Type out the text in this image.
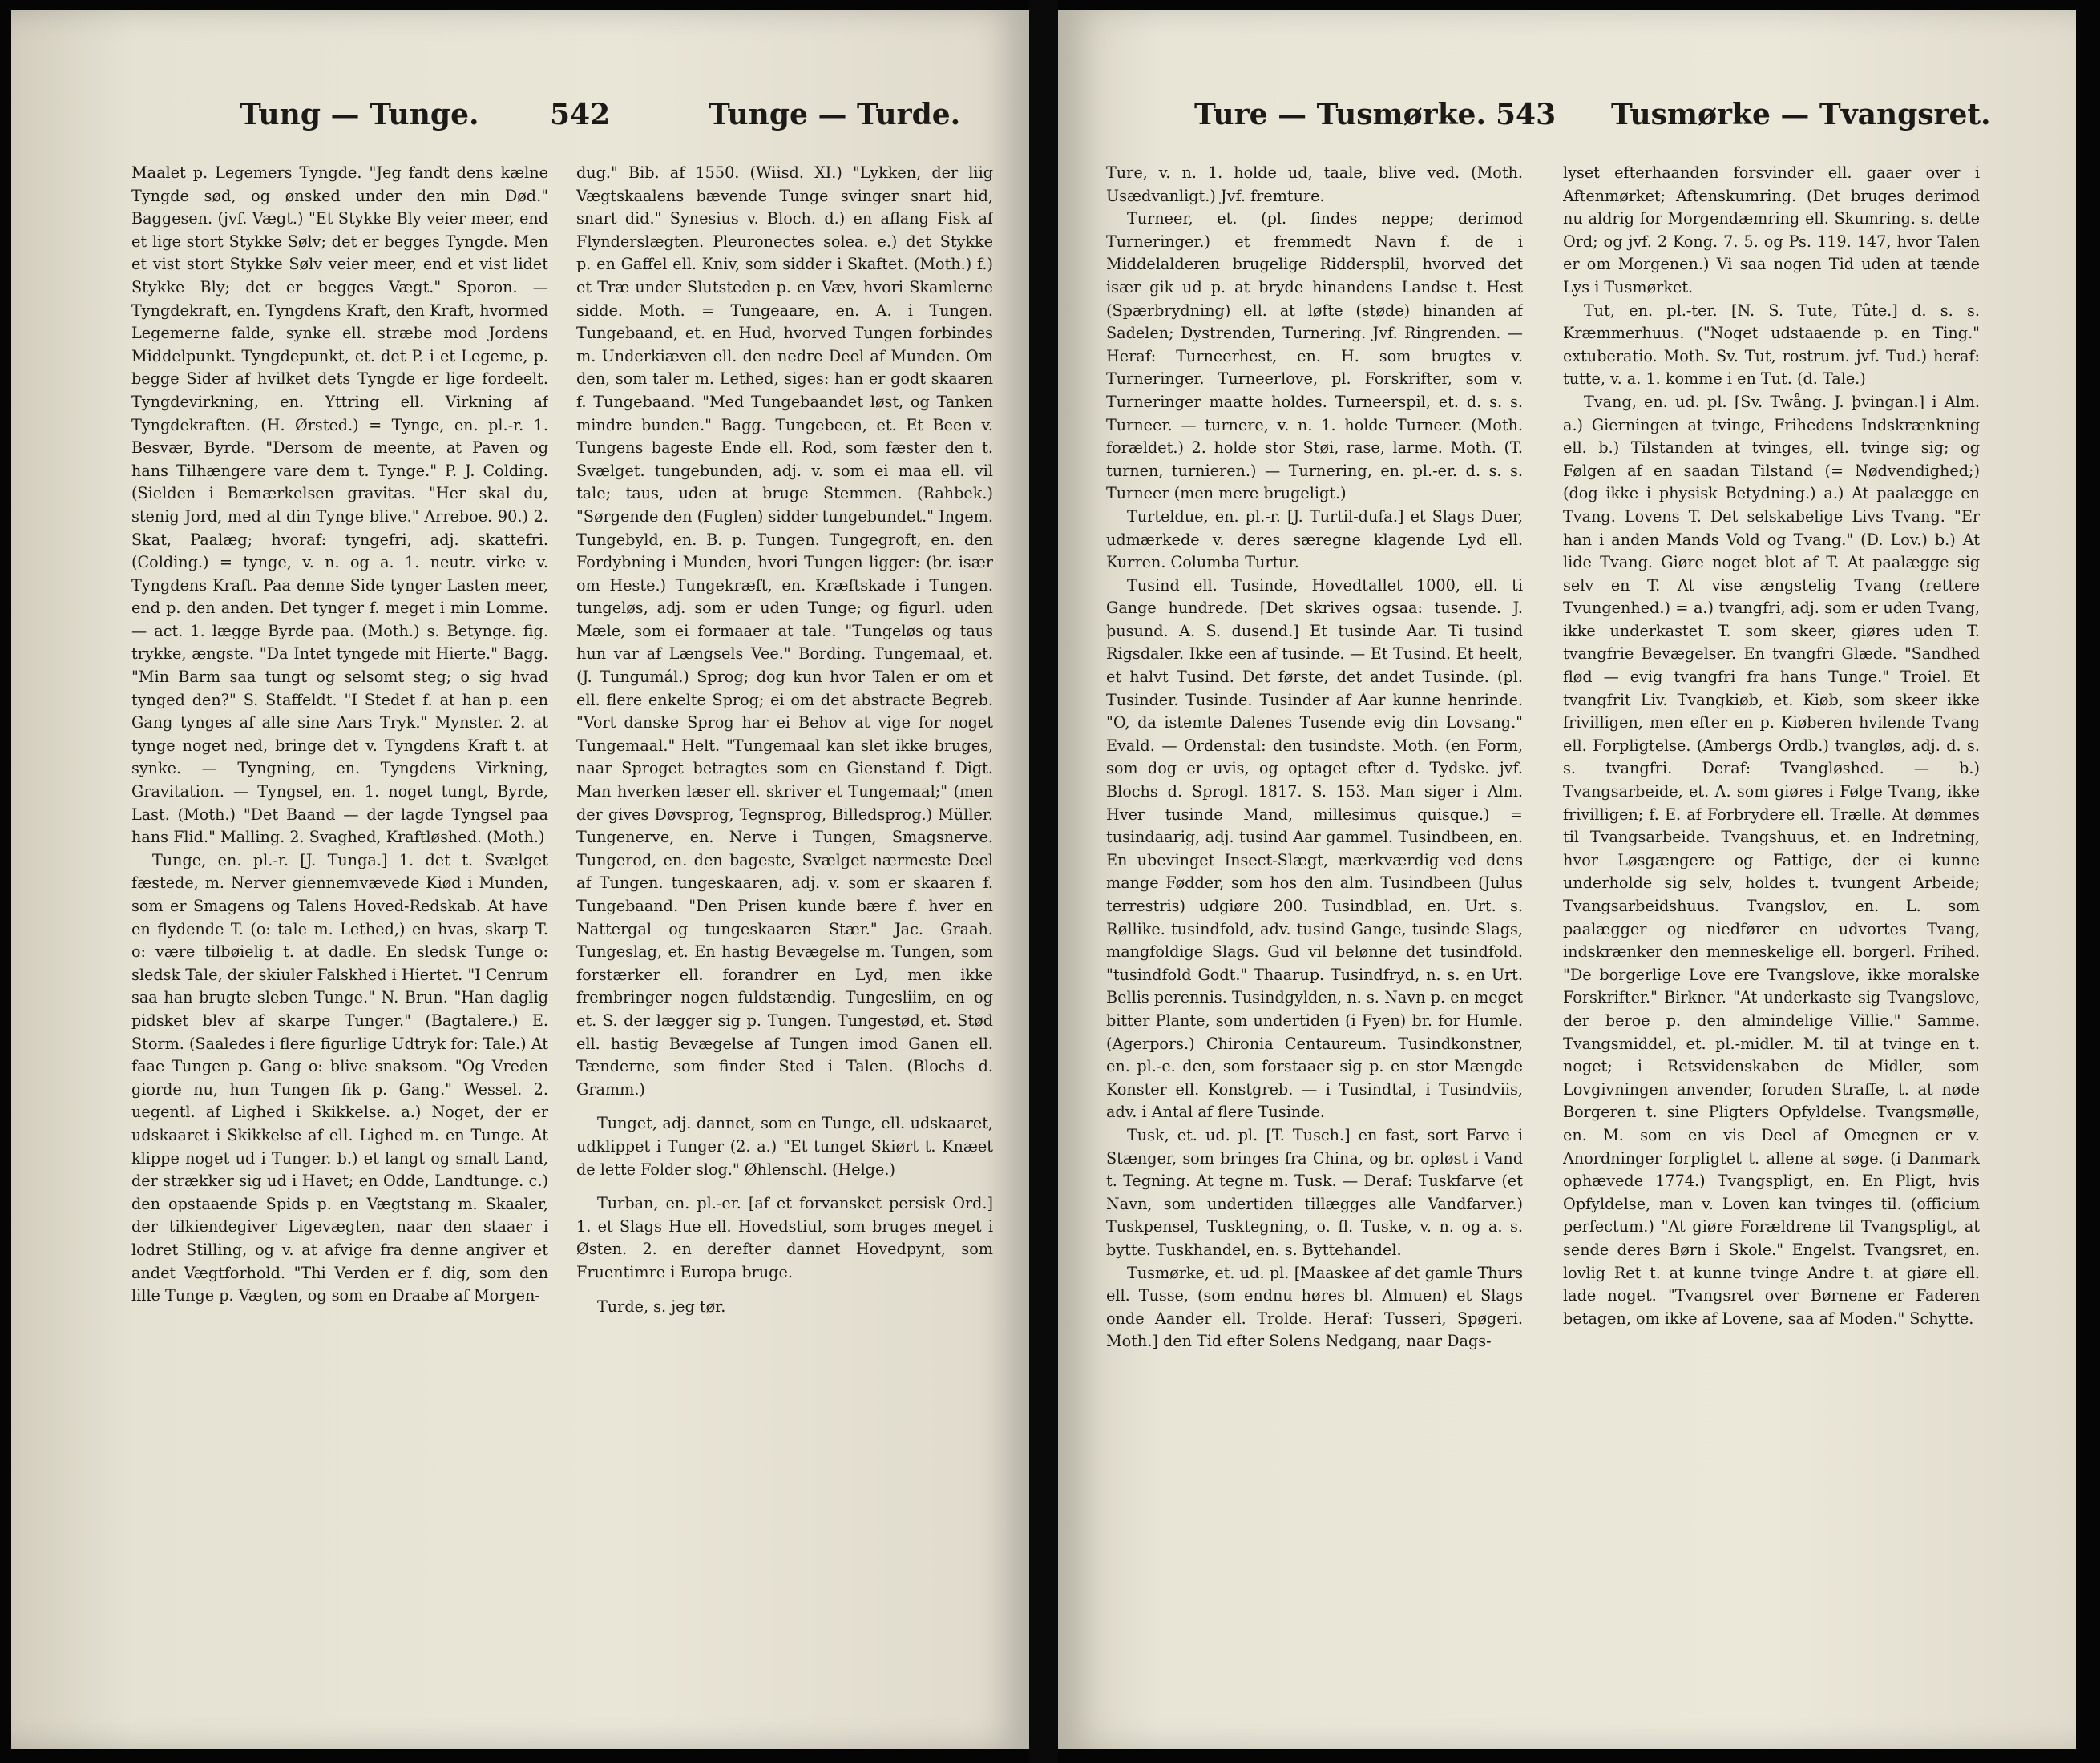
Tung — Tunge. 542	Tunge — Turde.

Maalet p. Legemers Tyngde. "Jeg fandt dens kælne Tyngde sød, og ønsked under den min Død." Baggesen. (jvf. Vægt.) "Et Stykke Bly veier meer, end et lige stort Stykke Sølv; det er begges Tyngde. Men et vist stort Stykke Sølv veier meer, end et vist lidet Stykke Bly; det er begges Vægt." Sporon. — Tyngdekraft, en. Tyngdens Kraft, den Kraft, hvormed Legemerne falde, synke ell. stræbe mod Jordens Middelpunkt. Tyngdepunkt, et. det P. i et Legeme, p. begge Sider af hvilket dets Tyngde er lige fordeelt. Tyngdevirkning, en. Yttring ell. Virkning af Tyngdekraften. (H. Ørsted.) = Tynge, en. pl.-r. 1. Besvær, Byrde. "Dersom de meente, at Paven og hans Tilhængere vare dem t. Tynge." P. J. Colding. (Sielden i Bemærkelsen gravitas. "Her skal du, stenig Jord, med al din Tynge blive." Arreboe. 90.) 2. Skat, Paalæg; hvoraf: tyngefri, adj. skattefri. (Colding.) = tynge, v. n. og a. 1. neutr. virke v. Tyngdens Kraft. Paa denne Side tynger Lasten meer, end p. den anden. Det tynger f. meget i min Lomme. — act. 1. lægge Byrde paa. (Moth.) s. Betynge. fig. trykke, ængste. "Da Intet tyngede mit Hierte." Bagg. "Min Barm saa tungt og selsomt steg; o sig hvad tynged den?" S. Staffeldt. "I Stedet f. at han p. een Gang tynges af alle sine Aars Tryk." Mynster. 2. at tynge noget ned, bringe det v. Tyngdens Kraft t. at synke. — Tyngning, en. Tyngdens Virkning, Gravitation. — Tyngsel, en. 1. noget tungt, Byrde, Last. (Moth.) "Det Baand — der lagde Tyngsel paa hans Flid." Malling. 2. Svaghed, Kraftløshed. (Moth.)

Tunge, en. pl.-r. [J. Tunga.] 1. det t. Svælget fæstede, m. Nerver giennemvævede Kiød i Munden, som er Smagens og Talens Hoved-Redskab. At have en flydende T. (o: tale m. Lethed,) en hvas, skarp T. o: være tilbøielig t. at dadle. En sledsk Tunge o: sledsk Tale, der skiuler Falskhed i Hiertet. "I Cenrum saa han brugte sleben Tunge." N. Brun. "Han daglig pidsket blev af skarpe Tunger." (Bagtalere.) E. Storm. (Saaledes i flere figurlige Udtryk for: Tale.) At faae Tungen p. Gang o: blive snaksom. "Og Vreden giorde nu, hun Tungen fik p. Gang." Wessel. 2. uegentl. af Lighed i Skikkelse. a.) Noget, der er udskaaret i Skikkelse af ell. Lighed m. en Tunge. At klippe noget ud i Tunger. b.) et langt og smalt Land, der strækker sig ud i Havet; en Odde, Landtunge. c.) den opstaaende Spids p. en Vægtstang m. Skaaler, der tilkiendegiver Ligevægten, naar den staaer i lodret Stilling, og v. at afvige fra denne angiver et andet Vægtforhold. "Thi Verden er f. dig, som den lille Tunge p. Vægten, og som en Draabe af Morgen-

dug." Bib. af 1550. (Wiisd. XI.) "Lykken, der liig Vægtskaalens bævende Tunge svinger snart hid, snart did." Synesius v. Bloch. d.) en aflang Fisk af Flynderslægten. Pleuronectes solea. e.) det Stykke p. en Gaffel ell. Kniv, som sidder i Skaftet. (Moth.) f.) et Træ under Slutsteden p. en Væv, hvori Skamlerne sidde. Moth. = Tungeaare, en. A. i Tungen. Tungebaand, et. en Hud, hvorved Tungen forbindes m. Underkiæven ell. den nedre Deel af Munden. Om den, som taler m. Lethed, siges: han er godt skaaren f. Tungebaand. "Med Tungebaandet løst, og Tanken mindre bunden." Bagg. Tungebeen, et. Et Been v. Tungens bageste Ende ell. Rod, som fæster den t. Svælget. tungebunden, adj. v. som ei maa ell. vil tale; taus, uden at bruge Stemmen. (Rahbek.) "Sørgende den (Fuglen) sidder tungebundet." Ingem. Tungebyld, en. B. p. Tungen. Tungegroft, en. den Fordybning i Munden, hvori Tungen ligger: (br. især om Heste.) Tungekræft, en. Kræftskade i Tungen. tungeløs, adj. som er uden Tunge; og figurl. uden Mæle, som ei formaaer at tale. "Tungeløs og taus hun var af Længsels Vee." Bording. Tungemaal, et. (J. Tungumál.) Sprog; dog kun hvor Talen er om et ell. flere enkelte Sprog; ei om det abstracte Begreb. "Vort danske Sprog har ei Behov at vige for noget Tungemaal." Helt. "Tungemaal kan slet ikke bruges, naar Sproget betragtes som en Gienstand f. Digt. Man hverken læser ell. skriver et Tungemaal;" (men der gives Døvsprog, Tegnsprog, Billedsprog.) Müller. Tungenerve, en. Nerve i Tungen, Smagsnerve. Tungerod, en. den bageste, Svælget nærmeste Deel af Tungen. tungeskaaren, adj. v. som er skaaren f. Tungebaand. "Den Prisen kunde bære f. hver en Nattergal og tungeskaaren Stær." Jac. Graah. Tungeslag, et. En hastig Bevægelse m. Tungen, som forstærker ell. forandrer en Lyd, men ikke frembringer nogen fuldstændig. Tungesliim, en og et. S. der lægger sig p. Tungen. Tungestød, et. Stød ell. hastig Bevægelse af Tungen imod Ganen ell. Tænderne, som finder Sted i Talen. (Blochs d. Gramm.)

Tunget, adj. dannet, som en Tunge, ell. udskaaret, udklippet i Tunger (2. a.) "Et tunget Skiørt t. Knæet de lette Folder slog." Øhlenschl. (Helge.)

Turban, en. pl.-er. [af et forvansket persisk Ord.] 1. et Slags Hue ell. Hovedstiul, som bruges meget i Østen. 2. en derefter dannet Hovedpynt, som Fruentimre i Europa bruge.

Turde, s. jeg tør.

Ture — Tusmørke. 543 Tusmørke — Tvangsret.

Ture, v. n. 1. holde ud, taale, blive ved. (Moth. Usædvanligt.) Jvf. fremture.

Turneer, et. (pl. findes neppe; derimod Turneringer.) et fremmedt Navn f. de i Middelalderen brugelige Riddersplil, hvorved det især gik ud p. at bryde hinandens Landse t. Hest (Spærbrydning) ell. at løfte (støde) hinanden af Sadelen; Dystrenden, Turnering. Jvf. Ringrenden. — Heraf: Turneerhest, en. H. som brugtes v. Turneringer. Turneerlove, pl. Forskrifter, som v. Turneringer maatte holdes. Turneerspil, et. d. s. s. Turneer. — turnere, v. n. 1. holde Turneer. (Moth. forældet.) 2. holde stor Støi, rase, larme. Moth. (T. turnen, turnieren.) — Turnering, en. pl.-er. d. s. s. Turneer (men mere brugeligt.)

Turteldue, en. pl.-r. [J. Turtil-dufa.] et Slags Duer, udmærkede v. deres særegne klagende Lyd ell. Kurren. Columba Turtur.

Tusind ell. Tusinde, Hovedtallet 1000, ell. ti Gange hundrede. [Det skrives ogsaa: tusende. J. þusund. A. S. dusend.] Et tusinde Aar. Ti tusind Rigsdaler. Ikke een af tusinde. — Et Tusind. Et heelt, et halvt Tusind. Det første, det andet Tusinde. (pl. Tusinder. Tusinde. Tusinder af Aar kunne henrinde. "O, da istemte Dalenes Tusende evig din Lovsang." Evald. — Ordenstal: den tusindste. Moth. (en Form, som dog er uvis, og optaget efter d. Tydske. jvf. Blochs d. Sprogl. 1817. S. 153. Man siger i Alm. Hver tusinde Mand, millesimus quisque.) = tusindaarig, adj. tusind Aar gammel. Tusindbeen, en. En ubevinget Insect-Slægt, mærkværdig ved dens mange Fødder, som hos den alm. Tusindbeen (Julus terrestris) udgiøre 200. Tusindblad, en. Urt. s. Røllike. tusindfold, adv. tusind Gange, tusinde Slags, mangfoldige Slags. Gud vil belønne det tusindfold. "tusindfold Godt." Thaarup. Tusindfryd, n. s. en Urt. Bellis perennis. Tusindgylden, n. s. Navn p. en meget bitter Plante, som undertiden (i Fyen) br. for Humle. (Agerpors.) Chironia Centaureum. Tusindkonstner, en. pl.-e. den, som forstaaer sig p. en stor Mængde Konster ell. Konstgreb. — i Tusindtal, i Tusindviis, adv. i Antal af flere Tusinde.

Tusk, et. ud. pl. [T. Tusch.] en fast, sort Farve i Stænger, som bringes fra China, og br. opløst i Vand t. Tegning. At tegne m. Tusk. — Deraf: Tuskfarve (et Navn, som undertiden tillægges alle Vandfarver.) Tuskpensel, Tusktegning, o. fl. Tuske, v. n. og a. s. bytte. Tuskhandel, en. s. Byttehandel.

Tusmørke, et. ud. pl. [Maaskee af det gamle Thurs ell. Tusse, (som endnu høres bl. Almuen) et Slags onde Aander ell. Trolde. Heraf: Tusseri, Spøgeri. Moth.] den Tid efter Solens Nedgang, naar Dags-

lyset efterhaanden forsvinder ell. gaaer over i Aftenmørket; Aftenskumring. (Det bruges derimod nu aldrig for Morgendæmring ell. Skumring. s. dette Ord; og jvf. 2 Kong. 7. 5. og Ps. 119. 147, hvor Talen er om Morgenen.) Vi saa nogen Tid uden at tænde Lys i Tusmørket.

Tut, en. pl.-ter. [N. S. Tute, Tûte.] d. s. s. Kræmmerhuus. ("Noget udstaaende p. en Ting." extuberatio. Moth. Sv. Tut, rostrum. jvf. Tud.) heraf: tutte, v. a. 1. komme i en Tut. (d. Tale.)

Tvang, en. ud. pl. [Sv. Twång. J. þvingan.] i Alm. a.) Gierningen at tvinge, Frihedens Indskrænkning ell. b.) Tilstanden at tvinges, ell. tvinge sig; og Følgen af en saadan Tilstand (= Nødvendighed;) (dog ikke i physisk Betydning.) a.) At paalægge en Tvang. Lovens T. Det selskabelige Livs Tvang. "Er han i anden Mands Vold og Tvang." (D. Lov.) b.) At lide Tvang. Giøre noget blot af T. At paalægge sig selv en T. At vise ængstelig Tvang (rettere Tvungenhed.) = a.) tvangfri, adj. som er uden Tvang, ikke underkastet T. som skeer, giøres uden T. tvangfrie Bevægelser. En tvangfri Glæde. "Sandhed flød — evig tvangfri fra hans Tunge." Troiel. Et tvangfrit Liv. Tvangkiøb, et. Kiøb, som skeer ikke frivilligen, men efter en p. Kiøberen hvilende Tvang ell. Forpligtelse. (Ambergs Ordb.) tvangløs, adj. d. s. s. tvangfri. Deraf: Tvangløshed. — b.) Tvangsarbeide, et. A. som giøres i Følge Tvang, ikke frivilligen; f. E. af Forbrydere ell. Trælle. At dømmes til Tvangsarbeide. Tvangshuus, et. en Indretning, hvor Løsgængere og Fattige, der ei kunne underholde sig selv, holdes t. tvungent Arbeide; Tvangsarbeidshuus. Tvangslov, en. L. som paalægger og niedfører en udvortes Tvang, indskrænker den menneskelige ell. borgerl. Frihed. "De borgerlige Love ere Tvangslove, ikke moralske Forskrifter." Birkner. "At underkaste sig Tvangslove, der beroe p. den almindelige Villie." Samme. Tvangsmiddel, et. pl.-midler. M. til at tvinge en t. noget; i Retsvidenskaben de Midler, som Lovgivningen anvender, foruden Straffe, t. at nøde Borgeren t. sine Pligters Opfyldelse. Tvangsmølle, en. M. som en vis Deel af Omegnen er v. Anordninger forpligtet t. allene at søge. (i Danmark ophævede 1774.) Tvangspligt, en. En Pligt, hvis Opfyldelse, man v. Loven kan tvinges til. (officium perfectum.) "At giøre Forældrene til Tvangspligt, at sende deres Børn i Skole." Engelst. Tvangsret, en. lovlig Ret t. at kunne tvinge Andre t. at giøre ell. lade noget. "Tvangsret over Børnene er Faderen betagen, om ikke af Lovene, saa af Moden." Schytte.
